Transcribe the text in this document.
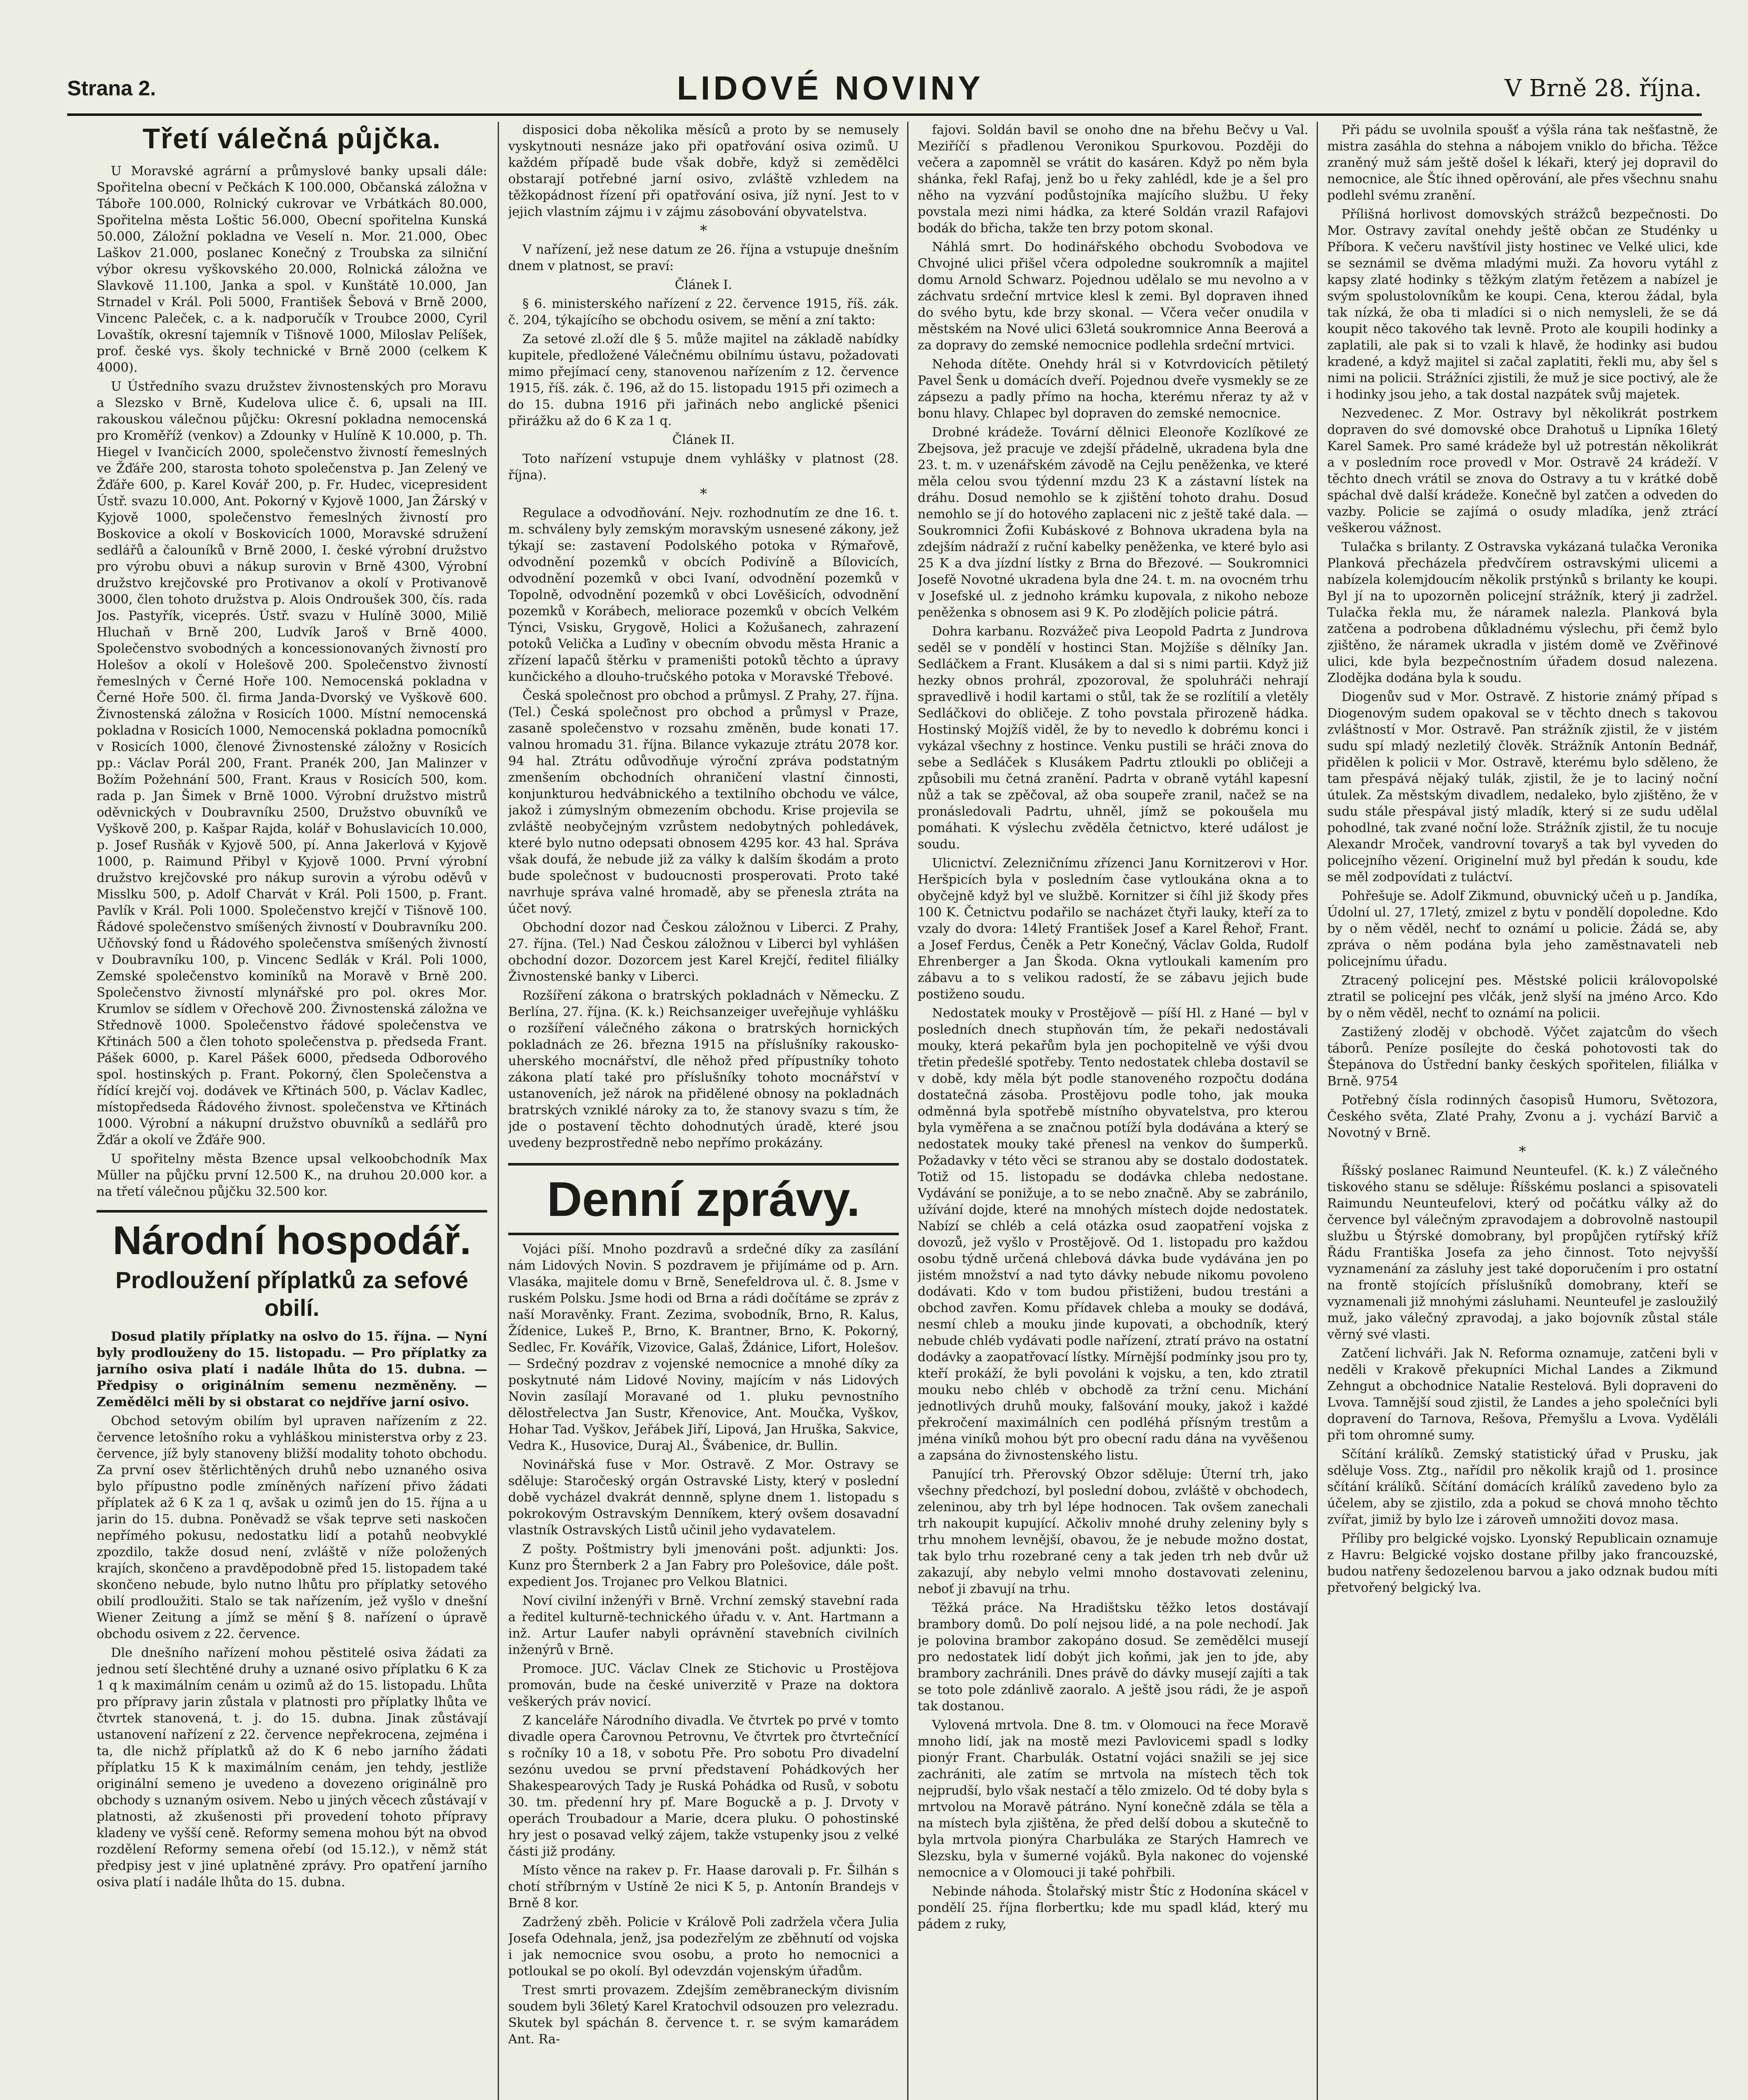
Strana 2.	LIDOVÉ NOVINY	V Brně 28. října.
Třetí válečná půjčka.

U Moravské agrární a průmyslové banky upsali dále: Spořitelna obecní v Pečkách K 100.000, Občanská záložna v Táboře 100.000, Rolnický cukrovar ve Vrbátkách 80.000, Spořitelna města Loštic 56.000, Obecní spořitelna Kunská 50.000, Záložní pokladna ve Veselí n. Mor. 21.000, Obec Laškov 21.000, poslanec Konečný z Troubska za silniční výbor okresu vyškovského 20.000, Rolnická záložna ve Slavkově 11.100, Janka a spol. v Kunštátě 10.000, Jan Strnadel v Král. Poli 5000, František Šebová v Brně 2000, Vincenc Paleček, c. a k. nadporučík v Troubce 2000, Cyril Lovaštík, okresní tajemník v Tišnově 1000, Miloslav Pelíšek, prof. české vys. školy technické v Brně 2000 (celkem K 4000).

U Ústředního svazu družstev živnostenských pro Moravu a Slezsko v Brně, Kudelova ulice č. 6, upsali na III. rakouskou válečnou půjčku: Okresní pokladna nemocenská pro Kroměříž (venkov) a Zdounky v Hulíně K 10.000, p. Th. Hiegel v Ivančicích 2000, společenstvo živností řemeslných ve Žďáře 200, starosta tohoto společenstva p. Jan Zelený ve Žďáře 600, p. Karel Kovář 200, p. Fr. Hudec, vicepresident Ústř. svazu 10.000, Ant. Pokorný v Kyjově 1000, Jan Žárský v Kyjově 1000, společenstvo řemeslných živností pro Boskovice a okolí v Boskovicích 1000, Moravské sdružení sedlářů a čalouníků v Brně 2000, I. české výrobní družstvo pro výrobu obuvi a nákup surovin v Brně 4300, Výrobní družstvo krejčovské pro Protivanov a okolí v Protivanově 3000, člen tohoto družstva p. Alois Ondroušek 300, čís. rada Jos. Pastyřík, viceprés. Ústř. svazu v Hulíně 3000, Miliě Hluchaň v Brně 200, Ludvík Jaroš v Brně 4000. Společenstvo svobodných a koncessionovaných živností pro Holešov a okolí v Holešově 200. Společenstvo živností řemeslných v Černé Hoře 100. Nemocenská pokladna v Černé Hoře 500. čl. firma Janda-Dvorský ve Vyškově 600. Živnostenská záložna v Rosicích 1000. Místní nemocenská pokladna v Rosicích 1000, Nemocenská pokladna pomocníků v Rosicích 1000, členové Živnostenské záložny v Rosicích pp.: Václav Porál 200, Frant. Pranék 200, Jan Malinzer v Božím Požehnání 500, Frant. Kraus v Rosicích 500, kom. rada p. Jan Šimek v Brně 1000. Výrobní družstvo mistrů oděvnických v Doubravníku 2500, Družstvo obuvníků ve Vyškově 200, p. Kašpar Rajda, kolář v Bohuslavicích 10.000, p. Josef Rusňák v Kyjově 500, pí. Anna Jakerlová v Kyjově 1000, p. Raimund Přibyl v Kyjově 1000. První výrobní družstvo krejčovské pro nákup surovin a výrobu oděvů v Misslku 500, p. Adolf Charvát v Král. Poli 1500, p. Frant. Pavlík v Král. Poli 1000. Společenstvo krejčí v Tišnově 100. Řádové společenstvo smíšených živností v Doubravníku 200. Učňovský fond u Řádového společenstva smíšených živností v Doubravníku 100, p. Vincenc Sedlák v Král. Poli 1000, Zemské společenstvo kominíků na Moravě v Brně 200. Společenstvo živností mlynářské pro pol. okres Mor. Krumlov se sídlem v Ořechově 200. Živnostenská záložna ve Střednově 1000. Společenstvo řádové společenstva ve Křtinách 500 a člen tohoto společenstva p. předseda Frant. Pášek 6000, p. Karel Pášek 6000, předseda Odborového spol. hostinských p. Frant. Pokorný, člen Společenstva a řídící krejčí voj. dodávek ve Křtinách 500, p. Václav Kadlec, místopředseda Řádového živnost. společenstva ve Křtinách 1000. Výrobní a nákupní družstvo obuvníků a sedlářů pro Žďár a okolí ve Žďáře 900.

U spořitelny města Bzence upsal velkoobchodník Max Müller na půjčku první 12.500 K., na druhou 20.000 kor. a na třetí válečnou půjčku 32.500 kor.

Národní hospodář.
Prodloužení příplatků za sefové obilí.

Dosud platily příplatky na oslvo do 15. října. — Nyní byly prodlouženy do 15. listopadu. — Pro příplatky za jarního osiva platí i nadále lhůta do 15. dubna. — Předpisy o originálním semenu nezměněny. — Zemědělci měli by si obstarat co nejdříve jarní osivo.

Obchod setovým obilím byl upraven nařízením z 22. července letošního roku a vyhláškou ministerstva orby z 23. července, jíž byly stanoveny bližší modality tohoto obchodu. Za první osev štěrlichtěných druhů nebo uznaného osiva bylo přípustno podle zmíněných nařízení přivo žádati příplatek až 6 K za 1 q, avšak u ozimů jen do 15. října a u jarin do 15. dubna. Poněvadž se však teprve seti naskočen nepřímého pokusu, nedostatku lidí a potahů neobvyklé zpozdilo, takže dosud není, zvláště v níže položených krajích, skončeno a pravděpodobně před 15. listopadem také skončeno nebude, bylo nutno lhůtu pro příplatky setového obilí prodloužiti. Stalo se tak nařízením, jež vyšlo v dnešní Wiener Zeitung a jímž se mění § 8. nařízení o úpravě obchodu osivem z 22. července.

Dle dnešního nařízení mohou pěstitelé osiva žádati za jednou setí šlechtěné druhy a uznané osivo příplatku 6 K za 1 q k maximálním cenám u ozimů až do 15. listopadu. Lhůta pro přípravy jarin zůstala v platnosti pro příplatky lhůta ve čtvrtek stanovená, t. j. do 15. dubna. Jinak zůstávají ustanovení nařízení z 22. července nepřekrocena, zejména i ta, dle nichž příplatků až do K 6 nebo jarního žádati příplatku 15 K k maximálním cenám, jen tehdy, jestliže originální semeno je uvedeno a dovezeno originálně pro obchody s uznaným osivem. Nebo u jiných věcech zůstávají v platnosti, až zkušenosti při provedení tohoto přípravy kladeny ve vyšší ceně. Reformy semena mohou být na obvod rozdělení Reformy semena ořebí (od 15.12.), v němž stát předpisy jest v jiné uplatněné zprávy. Pro opatření jarního osiva platí i nadále lhůta do 15. dubna.

disposici doba několika měsíců a proto by se nemusely vyskytnouti nesnáze jako při opatřování osiva ozimů. U každém případě bude však dobře, když si zemědělci obstarají potřebné jarní osivo, zvláště vzhledem na těžkopádnost řízení při opatřování osiva, jíž nyní. Jest to v jejich vlastním zájmu i v zájmu zásobování obyvatelstva.

*

V nařízení, jež nese datum ze 26. října a vstupuje dnešním dnem v platnost, se praví:

Článek I.

§ 6. ministerského nařízení z 22. července 1915, říš. zák. č. 204, týkajícího se obchodu osivem, se mění a zní takto:

Za setové zl.oží dle § 5. může majitel na základě nabídky kupitele, předložené Válečnému obilnímu ústavu, požadovati mimo přejímací ceny, stanovenou nařízením z 12. července 1915, říš. zák. č. 196, až do 15. listopadu 1915 při ozimech a do 15. dubna 1916 při jařinách nebo anglické pšenici přirážku až do 6 K za 1 q.

Článek II.

Toto nařízení vstupuje dnem vyhlášky v platnost (28. října).

*

Regulace a odvodňování. Nejv. rozhodnutím ze dne 16. t. m. schváleny byly zemským moravským usnesené zákony, jež týkají se: zastavení Podolského potoka v Rýmařově, odvodnění pozemků v obcích Podivíně a Bílovicích, odvodnění pozemků v obci Ivaní, odvodnění pozemků v Topolně, odvodnění pozemků v obci Lověšicích, odvodnění pozemků v Korábech, meliorace pozemků v obcích Velkém Týnci, Vsisku, Grygově, Holici a Kožušanech, zahrazení potoků Velička a Luďiny v obecním obvodu města Hranic a zřízení lapačů štěrku v prameništi potoků těchto a úpravy kunčického a dlouho-tručského potoka v Moravské Třebové.

Česká společnost pro obchod a průmysl. Z Prahy, 27. října. (Tel.) Česká společnost pro obchod a průmysl v Praze, zasaně společenstvo v rozsahu změněn, bude konati 17. valnou hromadu 31. října. Bilance vykazuje ztrátu 2078 kor. 94 hal. Ztrátu odůvodňuje výroční zpráva podstatným zmenšením obchodních ohraničení vlastní činnosti, konjunkturou hedvábnického a textilního obchodu ve válce, jakož i zúmyslným obmezením obchodu. Krise projevila se zvláště neobyčejným vzrůstem nedobytných pohledávek, které bylo nutno odepsati obnosem 4295 kor. 43 hal. Správa však doufá, že nebude již za války k dalším škodám a proto bude společnost v budoucnosti prosperovati. Proto také navrhuje správa valné hromadě, aby se přenesla ztráta na účet nový.

Obchodní dozor nad Českou záložnou v Liberci. Z Prahy, 27. října. (Tel.) Nad Českou záložnou v Liberci byl vyhlášen obchodní dozor. Dozorcem jest Karel Krejčí, ředitel filiálky Živnostenské banky v Liberci.

Rozšíření zákona o bratrských pokladnách v Německu. Z Berlína, 27. října. (K. k.) Reichsanzeiger uveřejňuje vyhlášku o rozšíření válečného zákona o bratrských hornických pokladnách ze 26. března 1915 na příslušníky rakousko-uherského mocnářství, dle něhož před přípustníky tohoto zákona platí také pro příslušníky tohoto mocnářství v ustanoveních, jež nárok na přidělené obnosy na pokladnách bratrských vzniklé nároky za to, že stanovy svazu s tím, že jde o postavení těchto dohodnutých úradě, které jsou uvedeny bezprostředně nebo nepřímo prokázány.

Denní zprávy.

Vojáci píší. Mnoho pozdravů a srdečné díky za zasílání nám Lidových Novin. S pozdravem je přijímáme od p. Arn. Vlasáka, majitele domu v Brně, Senefeldrova ul. č. 8. Jsme v ruském Polsku. Jsme hodi od Brna a rádi dočítáme se zpráv z naší Moravěnky. Frant. Zezima, svobodník, Brno, R. Kalus, Žídenice, Lukeš P., Brno, K. Brantner, Brno, K. Pokorný, Sedlec, Fr. Kovářík, Vizovice, Galaš, Ždánice, Lifort, Holešov. — Srdečný pozdrav z vojenské nemocnice a mnohé díky za poskytnuté nám Lidové Noviny, majícím v nás Lidových Novin zasílají Moravané od 1. pluku pevnostního dělostřelectva Jan Sustr, Křenovice, Ant. Moučka, Vyškov, Hohar Tad. Vyškov, Jeřábek Jiří, Lipová, Jan Hruška, Sakvice, Vedra K., Husovice, Duraj Al., Švábenice, dr. Bullin.

Novinářská fuse v Mor. Ostravě. Z Mor. Ostravy se sděluje: Staročeský orgán Ostravské Listy, který v poslední době vycházel dvakrát dennně, splyne dnem 1. listopadu s pokrokovým Ostravským Denníkem, který ovšem dosavadní vlastník Ostravských Listů učinil jeho vydavatelem.

Z pošty. Poštmistry byli jmenováni pošt. adjunkti: Jos. Kunz pro Šternberk 2 a Jan Fabry pro Polešovice, dále pošt. expedient Jos. Trojanec pro Velkou Blatnici.

Noví civilní inženýři v Brně. Vrchní zemský stavební rada a ředitel kulturně-technického úřadu v. v. Ant. Hartmann a inž. Artur Laufer nabyli oprávnění stavebních civilních inženýrů v Brně.

Promoce. JUC. Václav Clnek ze Stichovic u Prostějova promován, bude na české univerzitě v Praze na doktora veškerých práv novicí.

Z kanceláře Národního divadla. Ve čtvrtek po prvé v tomto divadle opera Čarovnou Petrovnu, Ve čtvrtek pro čtvrtečnící s ročníky 10 a 18, v sobotu Pře. Pro sobotu Pro divadelní sezónu uvedou se první představení Pohádkových her Shakespearových Tady je Ruská Pohádka od Rusů, v sobotu 30. tm. předenní hry pf. Mare Boguckě a p. J. Drvoty v operách Troubadour a Marie, dcera pluku. O pohostinské hry jest o posavad velký zájem, takže vstupenky jsou z velké části již prodány.

Místo věnce na rakev p. Fr. Haase darovali p. Fr. Šilhán s chotí stříbrným v Ustíně 2e nici K 5, p. Antonín Brandejs v Brně 8 kor.

Zadržený zběh. Policie v Králově Poli zadržela včera Julia Josefa Odehnala, jenž, jsa podezřelým ze zběhnutí od vojska i jak nemocnice svou osobu, a proto ho nemocnici a potloukal se po okolí. Byl odevzdán vojenským úřadům.

Trest smrti provazem. Zdejším zeměbraneckým divisním soudem byli 36letý Karel Kratochvil odsouzen pro velezradu. Skutek byl spáchán 8. července t. r. se svým kamarádem Ant. Ra-

fajovi. Soldán bavil se onoho dne na břehu Bečvy u Val. Meziříčí s přadlenou Veronikou Spurkovou. Později do večera a zapomněl se vrátit do kasáren. Když po něm byla shánka, řekl Rafaj, jenž bo u řeky zahlédl, kde je a šel pro něho na vyzvání podůstojníka majícího službu. U řeky povstala mezi nimi hádka, za které Soldán vrazil Rafajovi bodák do břicha, takže ten brzy potom skonal.

Náhlá smrt. Do hodinářského obchodu Svobodova ve Chvojné ulici přišel včera odpoledne soukromník a majitel domu Arnold Schwarz. Pojednou udělalo se mu nevolno a v záchvatu srdeční mrtvice klesl k zemi. Byl dopraven ihned do svého bytu, kde brzy skonal. — Včera večer onudila v městském na Nové ulici 63letá soukromnice Anna Beerová a za dopravy do zemské nemocnice podlehla srdeční mrtvici.

Nehoda dítěte. Onehdy hrál si v Kotvrdovicích pětiletý Pavel Šenk u domácích dveří. Pojednou dveře vysmekly se ze zápsezu a padly přímo na hocha, kterému nřeraz ty až v bonu hlavy. Chlapec byl dopraven do zemské nemocnice.

Drobné krádeže. Tovární dělnici Eleonoře Kozlíkové ze Zbejsova, jež pracuje ve zdejší přádelně, ukradena byla dne 23. t. m. v uzenářském závodě na Cejlu peněženka, ve které měla celou svou týdenní mzdu 23 K a zástavní lístek na dráhu. Dosud nemohlo se k zjištění tohoto drahu. Dosud nemohlo se jí do hotového zaplaceni nic z ještě také dala. — Soukromnici Žofii Kubáskové z Bohnova ukradena byla na zdejším nádraží z ruční kabelky peněženka, ve které bylo asi 25 K a dva jízdní lístky z Brna do Březové. — Soukromnici Josefě Novotné ukradena byla dne 24. t. m. na ovocném trhu v Josefské ul. z jednoho krámku kupovala, z nikoho neboze peněženka s obnosem asi 9 K. Po zlodějích policie pátrá.

Dohra karbanu. Rozvážeč piva Leopold Padrta z Jundrova seděl se v pondělí v hostinci Stan. Mojžíše s dělníky Jan. Sedláčkem a Frant. Klusákem a dal si s nimi partii. Když již hezky obnos prohrál, zpozoroval, že spoluhráči nehrají spravedlivě i hodil kartami o stůl, tak že se rozlítilí a vletěly Sedláčkovi do obličeje. Z toho povstala přirozeně hádka. Hostinský Mojžíš viděl, že by to nevedlo k dobrému konci i vykázal všechny z hostince. Venku pustili se hráči znova do sebe a Sedláček s Klusákem Padrtu ztloukli po obličeji a způsobili mu četná zranění. Padrta v obraně vytáhl kapesní nůž a tak se zpěčoval, až oba soupeře zranil, načež se na pronásledovali Padrtu, uhněl, jímž se pokoušela mu pomáhati. K výslechu zvěděla četnictvo, které událost je soudu.

Ulicnictví. Zelezničnímu zřízenci Janu Kornitzerovi v Hor. Heršpicích byla v posledním čase vytloukána okna a to obyčejně když byl ve službě. Kornitzer si číhl již škody přes 100 K. Četnictvu podařilo se nacházet čtyři lauky, kteří za to vzaly do dvora: 14letý František Josef a Karel Řehoř, Frant. a Josef Ferdus, Čeněk a Petr Konečný, Václav Golda, Rudolf Ehrenberger a Jan Škoda. Okna vytloukali kamením pro zábavu a to s velikou radostí, že se zábavu jejich bude postiženo soudu.

Nedostatek mouky v Prostějově — píší Hl. z Hané — byl v posledních dnech stupňován tím, že pekaři nedostávali mouky, která pekařům byla jen pochopitelně ve výši dvou třetin předešlé spotřeby. Tento nedostatek chleba dostavil se v době, kdy měla být podle stanoveného rozpočtu dodána dostatečná zásoba. Prostějovu podle toho, jak mouka odměnná byla spotřebě místního obyvatelstva, pro kterou byla vyměřena a se značnou potíží byla dodávána a který se nedostatek mouky také přenesl na venkov do šumperků. Požadavky v této věci se stranou aby se dostalo dodostatek. Totiž od 15. listopadu se dodávka chleba nedostane. Vydávání se ponižuje, a to se nebo značně. Aby se zabránilo, užívání dojde, které na mnohých místech dojde nedostatek. Nabízí se chléb a celá otázka osud zaopatření vojska z dovozů, jež vyšlo v Prostějově. Od 1. listopadu pro každou osobu týdně určená chlebová dávka bude vydávána jen po jistém množství a nad tyto dávky nebude nikomu povoleno dodávati. Kdo v tom budou přistiženi, budou trestáni a obchod zavřen. Komu přídavek chleba a mouky se dodává, nesmí chleb a mouku jinde kupovati, a obchodník, který nebude chléb vydávati podle nařízení, ztratí právo na ostatní dodávky a zaopatřovací lístky. Mírnější podmínky jsou pro ty, kteří prokáží, že byli povoláni k vojsku, a ten, kdo ztratil mouku nebo chléb v obchodě za tržní cenu. Michání jednotlivých druhů mouky, falšování mouky, jakož i každé překročení maximálních cen podléhá přísným trestům a jména viníků mohou být pro obecní radu dána na vyvěšenou a zapsána do živnostenského listu.

Panující trh. Přerovský Obzor sděluje: Úterní trh, jako všechny předchozí, byl poslední dobou, zvláště v obchodech, zeleninou, aby trh byl lépe hodnocen. Tak ovšem zanechali trh nakoupit kupující. Ačkoliv mnohé druhy zeleniny byly s trhu mnohem levnější, obavou, že je nebude možno dostat, tak bylo trhu rozebrané ceny a tak jeden trh neb dvůr už zakazují, aby nebylo velmi mnoho dostavovati zeleninu, neboť ji zbavují na trhu.

Těžká práce. Na Hradištsku těžko letos dostávají brambory domů. Do polí nejsou lidé, a na pole nechodí. Jak je polovina brambor zakopáno dosud. Se zemědělci musejí pro nedostatek lidí dobýt jich koňmi, jak jen to jde, aby brambory zachránili. Dnes právě do dávky musejí zajíti a tak se toto pole zdánlivě zaoralo. A ještě jsou rádi, že je aspoň tak dostanou.

Vylovená mrtvola. Dne 8. tm. v Olomouci na řece Moravě mnoho lidí, jak na mostě mezi Pavlovicemi spadl s lodky pionýr Frant. Charbulák. Ostatní vojáci snažili se jej sice zachrániti, ale zatím se mrtvola na místech těch tok nejprudší, bylo však nestačí a tělo zmizelo. Od té doby byla s mrtvolou na Moravě pátráno. Nyní konečně zdála se těla a na místech byla zjištěna, že před delší dobou a skutečně to byla mrtvola pionýra Charbuláka ze Starých Hamrech ve Slezsku, byla v šumerné vojáků. Byla nakonec do vojenské nemocnice a v Olomouci ji také pohřbili.

Nebinde náhoda. Štolařský mistr Štíc z Hodonína skácel v pondělí 25. října florbertku; kde mu spadl klád, který mu pádem z ruky,

Při pádu se uvolnila spoušť a výšla rána tak nešťastně, že mistra zasáhla do stehna a nábojem vniklo do břicha. Těžce zraněný muž sám ještě došel k lékaři, který jej dopravil do nemocnice, ale Štíc ihned opěrování, ale přes všechnu snahu podlehl svému zranění.

Přílišná horlivost domovských strážců bezpečnosti. Do Mor. Ostravy zavítal onehdy ještě občan ze Studénky u Příbora. K večeru navštívil jisty hostinec ve Velké ulici, kde se seznámil se dvěma mladými muži. Za hovoru vytáhl z kapsy zlaté hodinky s těžkým zlatým řetězem a nabízel je svým spolustolovníkům ke koupi. Cena, kterou žádal, byla tak nízká, že oba ti mladíci si o nich nemysleli, že se dá koupit něco takového tak levně. Proto ale koupili hodinky a zaplatili, ale pak si to vzali k hlavě, že hodinky asi budou kradené, a když majitel si začal zaplatiti, řekli mu, aby šel s nimi na policii. Strážníci zjistili, že muž je sice poctivý, ale že i hodinky jsou jeho, a tak dostal nazpátek svůj majetek.

Nezvedenec. Z Mor. Ostravy byl několikrát postrkem dopraven do své domovské obce Drahotuš u Lipníka 16letý Karel Samek. Pro samé krádeže byl už potrestán několikrát a v posledním roce provedl v Mor. Ostravě 24 krádeží. V těchto dnech vrátil se znova do Ostravy a tu v krátké době spáchal dvě další krádeže. Konečně byl zatčen a odveden do vazby. Policie se zajímá o osudy mladíka, jenž ztrácí veškerou vážnost.

Tulačka s brilanty. Z Ostravska vykázaná tulačka Veronika Planková přecházela předvčírem ostravskými ulicemi a nabízela kolemjdoucím několik prstýnků s brilanty ke koupi. Byl jí na to upozorněn policejní strážník, který ji zadržel. Tulačka řekla mu, že náramek nalezla. Planková byla zatčena a podrobena důkladnému výslechu, při čemž bylo zjištěno, že náramek ukradla v jistém domě ve Zvěřinové ulici, kde byla bezpečnostním úřadem dosud nalezena. Zlodějka dodána byla k soudu.

Diogenův sud v Mor. Ostravě. Z historie známý případ s Diogenovým sudem opakoval se v těchto dnech s takovou zvláštností v Mor. Ostravě. Pan strážník zjistil, že v jistém sudu spí mladý nezletilý člověk. Strážník Antonín Bednář, přidělen k policii v Mor. Ostravě, kterému bylo sděleno, že tam přespává nějaký tulák, zjistil, že je to laciný noční útulek. Za městským divadlem, nedaleko, bylo zjištěno, že v sudu stále přespával jistý mladík, který si ze sudu udělal pohodlné, tak zvané noční lože. Strážník zjistil, že tu nocuje Alexandr Mroček, vandrovní tovaryš a tak byl vyveden do policejního vězení. Originelní muž byl předán k soudu, kde se měl zodpovídati z tuláctví.

Pohřešuje se. Adolf Zikmund, obuvnický učeň u p. Jandíka, Údolní ul. 27, 17letý, zmizel z bytu v pondělí dopoledne. Kdo by o něm věděl, nechť to oznámí u policie. Žádá se, aby zpráva o něm podána byla jeho zaměstnavateli neb policejnímu úřadu.

Ztracený policejní pes. Městské policii královopolské ztratil se policejní pes vlčák, jenž slyší na jméno Arco. Kdo by o něm věděl, nechť to oznámí na policii.

Zastižený zloděj v obchodě. Výčet zajatcům do všech táborů. Peníze posílejte do česká pohotovosti tak do Štepánova do Ústřední banky českých spořitelen, filiálka v Brně. 9754

Potřebný čísla rodinných časopisů Humoru, Světozora, Českého světa, Zlaté Prahy, Zvonu a j. vychází Barvič a Novotný v Brně.

*

Říšský poslanec Raimund Neunteufel. (K. k.) Z válečného tiskového stanu se sděluje: Říšskému poslanci a spisovateli Raimundu Neunteufelovi, který od počátku války až do července byl válečným zpravodajem a dobrovolně nastoupil službu u Štýrské domobrany, byl propůjčen rytířský kříž Řádu Františka Josefa za jeho činnost. Toto nejvyšší vyznamenání za zásluhy jest také doporučením i pro ostatní na frontě stojících příslušníků domobrany, kteří se vyznamenali již mnohými zásluhami. Neunteufel je zasloužilý muž, jako válečný zpravodaj, a jako bojovník zůstal stále věrný své vlasti.

Zatčení lichváři. Jak N. Reforma oznamuje, zatčeni byli v neděli v Krakově překupníci Michal Landes a Zikmund Zehngut a obchodnice Natalie Restelová. Byli dopraveni do Lvova. Tamnější soud zjistil, že Landes a jeho společníci byli dopravení do Tarnova, Rešova, Přemyšlu a Lvova. Vyděláli při tom ohromné sumy.

Sčítání králíků. Zemský statistický úřad v Prusku, jak sděluje Voss. Ztg., nařídil pro několik krajů od 1. prosince sčítání králíků. Sčítání domácích králíků zavedeno bylo za účelem, aby se zjistilo, zda a pokud se chová mnoho těchto zvířat, jimiž by bylo lze i zároveň umnožiti dovoz masa.

Příliby pro belgické vojsko. Lyonský Republicain oznamuje z Havru: Belgické vojsko dostane přilby jako francouzské, budou natřeny šedozelenou barvou a jako odznak budou míti přetvořený belgický lva.
